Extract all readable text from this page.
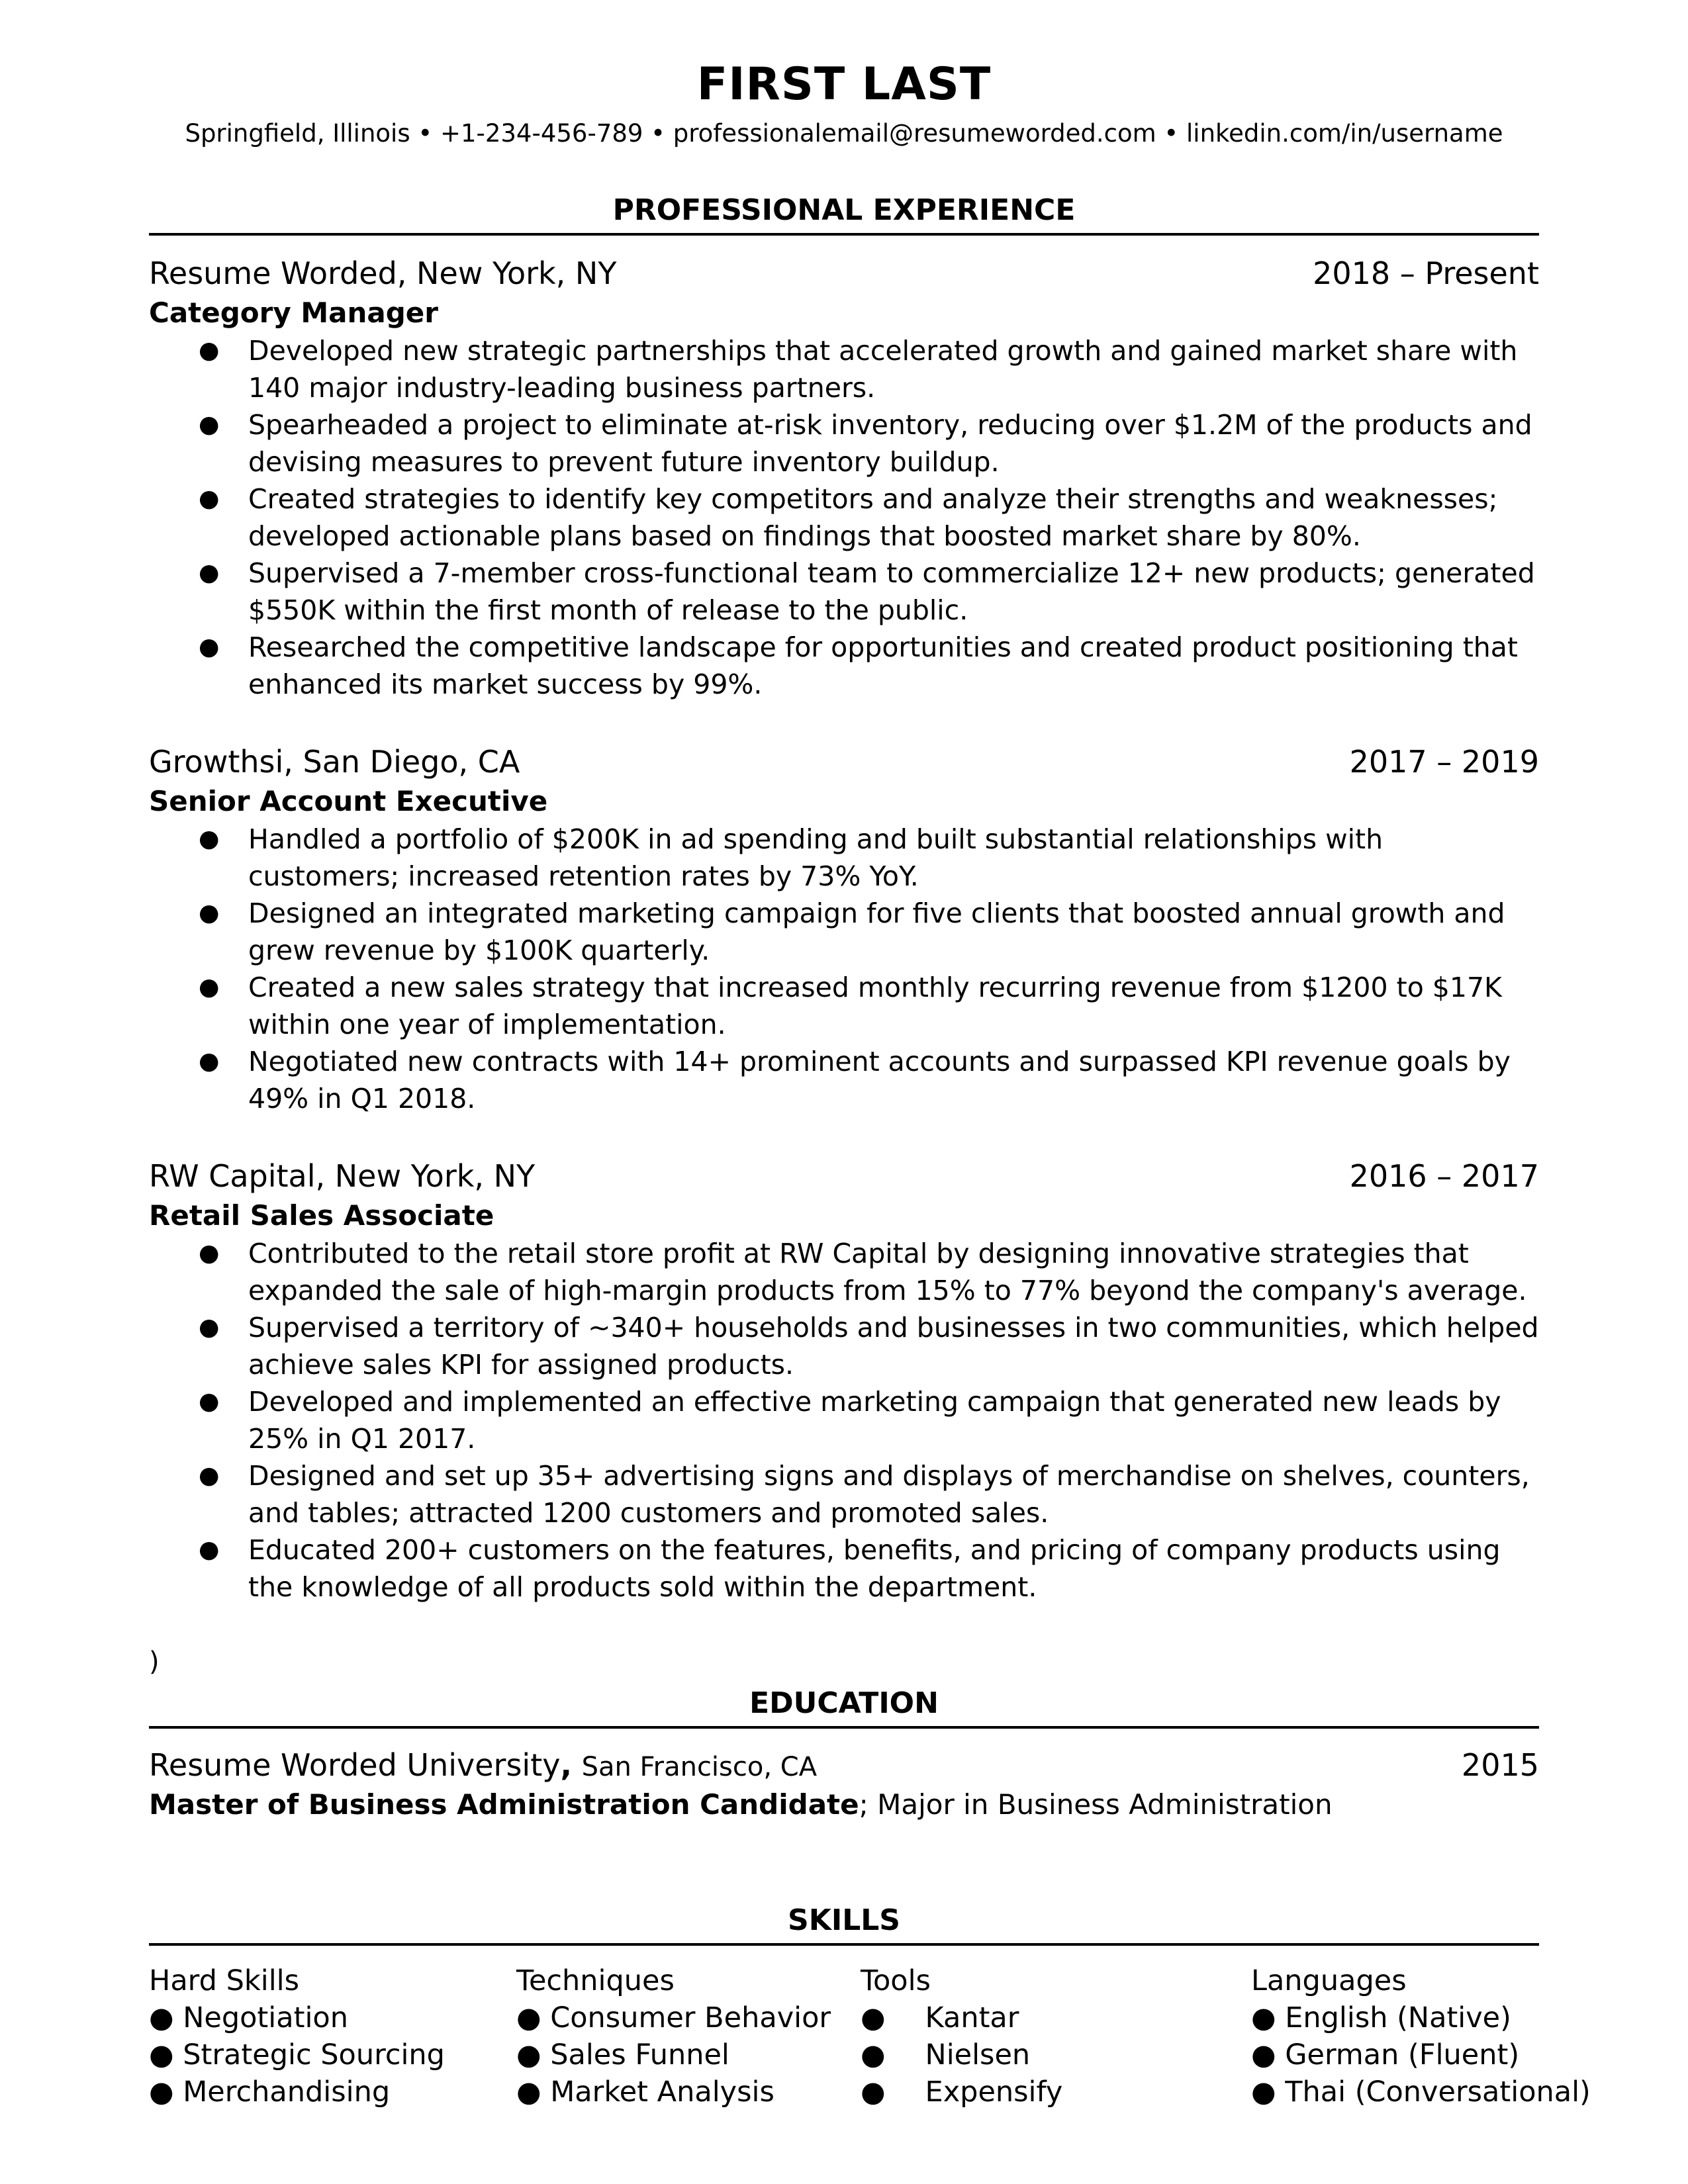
FIRST LAST
Springfield, Illinois • +1-234-456-789 • professionalemail@resumeworded.com • linkedin.com/in/username
PROFESSIONAL EXPERIENCE
Resume Worded, New York, NY	2018 – Present
Category Manager
● Developed new strategic partnerships that accelerated growth and gained market share with 140 major industry-leading business partners.
● Spearheaded a project to eliminate at-risk inventory, reducing over $1.2M of the products and devising measures to prevent future inventory buildup.
● Created strategies to identify key competitors and analyze their strengths and weaknesses; developed actionable plans based on findings that boosted market share by 80%.
● Supervised a 7-member cross-functional team to commercialize 12+ new products; generated $550K within the first month of release to the public.
● Researched the competitive landscape for opportunities and created product positioning that enhanced its market success by 99%.
Growthsi, San Diego, CA	2017 – 2019
Senior Account Executive
● Handled a portfolio of $200K in ad spending and built substantial relationships with customers; increased retention rates by 73% YoY.
● Designed an integrated marketing campaign for five clients that boosted annual growth and grew revenue by $100K quarterly.
● Created a new sales strategy that increased monthly recurring revenue from $1200 to $17K within one year of implementation.
● Negotiated new contracts with 14+ prominent accounts and surpassed KPI revenue goals by 49% in Q1 2018.
RW Capital, New York, NY	2016 – 2017
Retail Sales Associate
● Contributed to the retail store profit at RW Capital by designing innovative strategies that expanded the sale of high-margin products from 15% to 77% beyond the company's average.
● Supervised a territory of ~340+ households and businesses in two communities, which helped achieve sales KPI for assigned products.
● Developed and implemented an effective marketing campaign that generated new leads by 25% in Q1 2017.
● Designed and set up 35+ advertising signs and displays of merchandise on shelves, counters, and tables; attracted 1200 customers and promoted sales.
● Educated 200+ customers on the features, benefits, and pricing of company products using the knowledge of all products sold within the department.
)
EDUCATION
Resume Worded University, San Francisco, CA	2015
Master of Business Administration Candidate; Major in Business Administration
SKILLS
Hard Skills
● Negotiation
● Strategic Sourcing
● Merchandising
Techniques
● Consumer Behavior
● Sales Funnel
● Market Analysis
Tools
● Kantar
● Nielsen
● Expensify
Languages
● English (Native)
● German (Fluent)
● Thai (Conversational)
